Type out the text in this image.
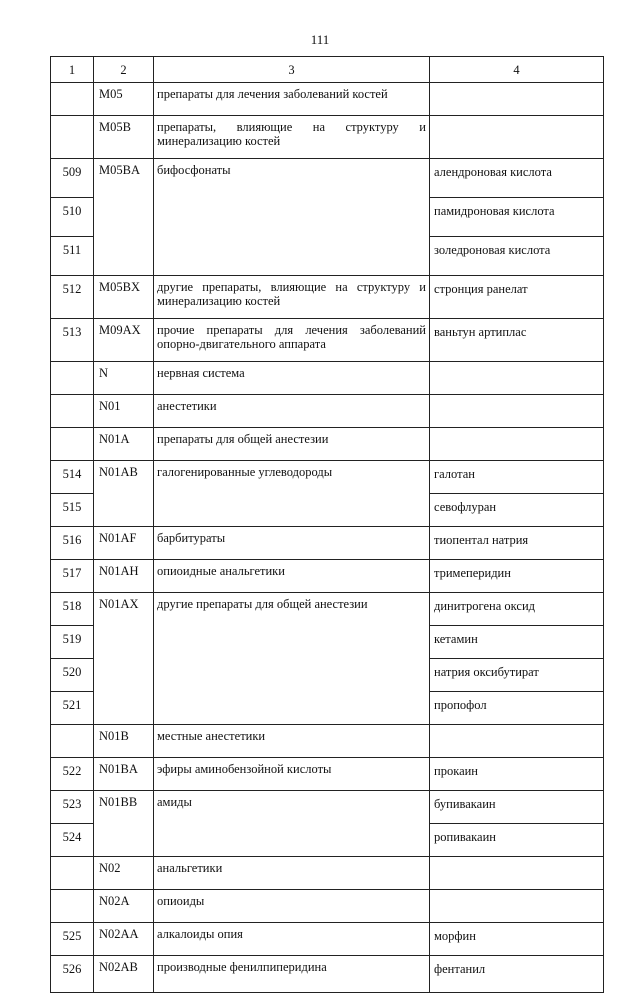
111
1	2	3	4
	M05	препараты для лечения заболеваний костей	
	M05B	препараты, влияющие на структуру и минерализацию костей	
509	M05BA	бифосфонаты	алендроновая кислота
510			памидроновая кислота
511			золедроновая кислота
512	M05BX	другие препараты, влияющие на структуру и минерализацию костей	стронция ранелат
513	M09AX	прочие препараты для лечения заболеваний опорно-двигательного аппарата	ваньтун артиплас
	N	нервная система	
	N01	анестетики	
	N01A	препараты для общей анестезии	
514	N01AB	галогенированные углеводороды	галотан
515			севофлуран
516	N01AF	барбитураты	тиопентал натрия
517	N01AH	опиоидные анальгетики	тримеперидин
518	N01AX	другие препараты для общей анестезии	динитрогена оксид
519			кетамин
520			натрия оксибутират
521			пропофол
	N01B	местные анестетики	
522	N01BA	эфиры аминобензойной кислоты	прокаин
523	N01BB	амиды	бупивакаин
524			ропивакаин
	N02	анальгетики	
	N02A	опиоиды	
525	N02AA	алкалоиды опия	морфин
526	N02AB	производные фенилпиперидина	фентанил
